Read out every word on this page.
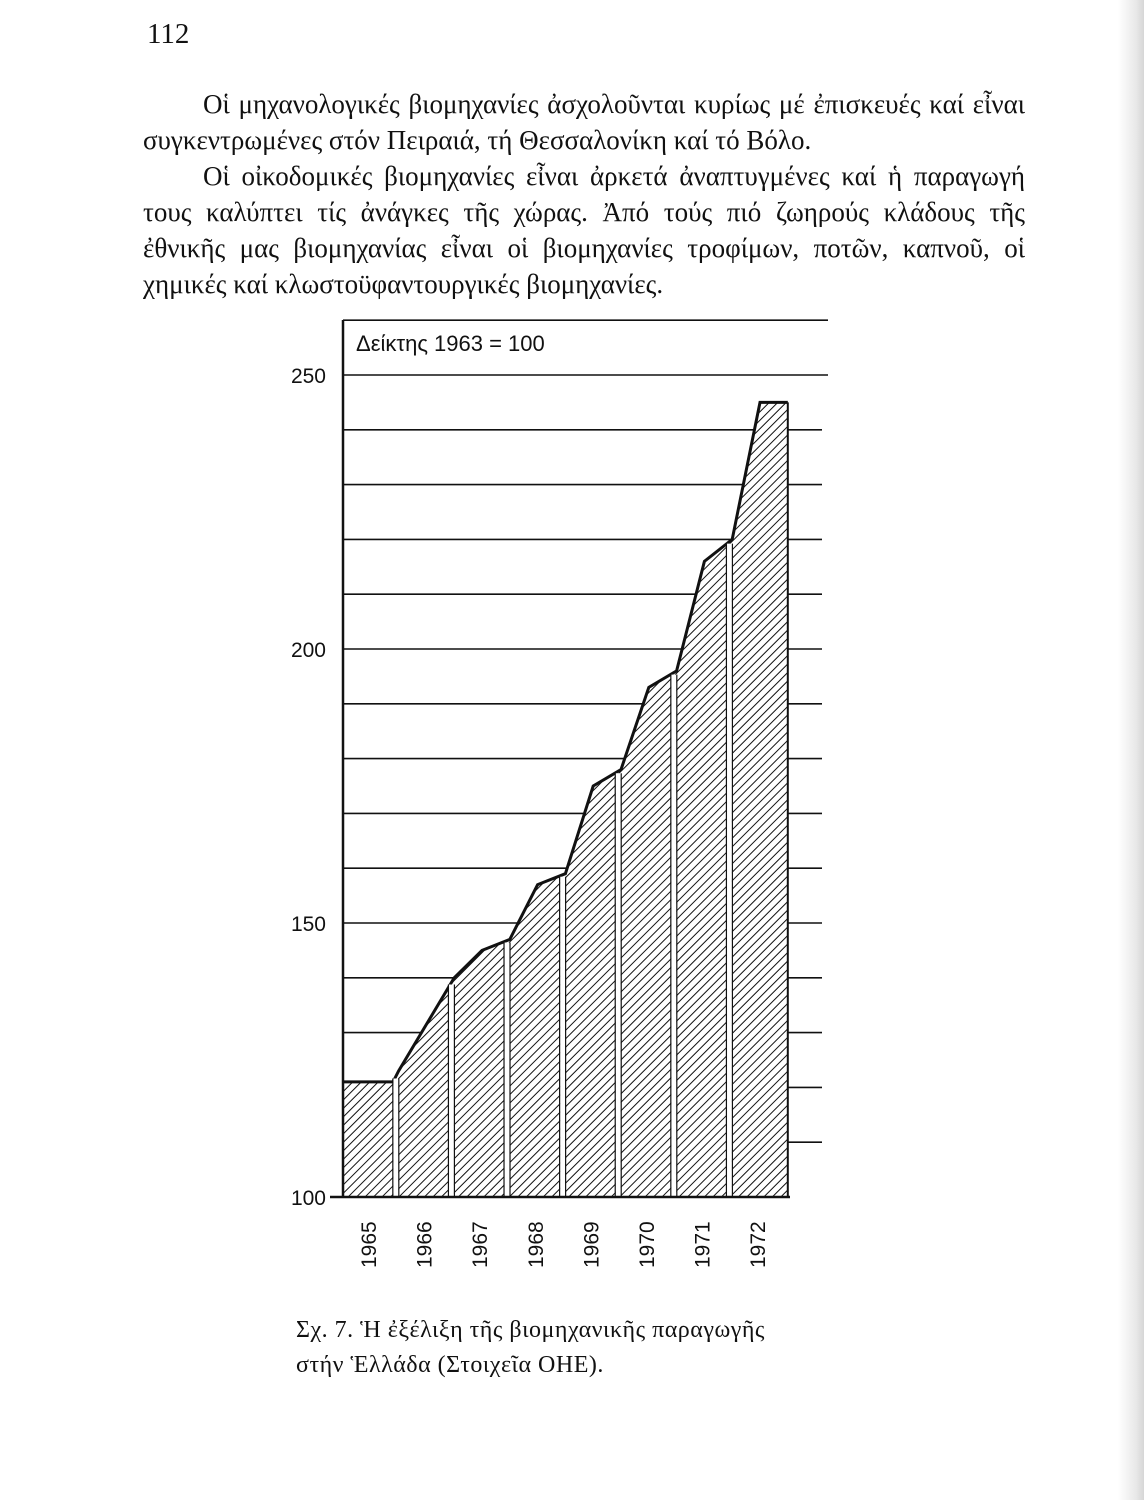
112

Οἱ μηχανολογικές βιομηχανίες ἀσχολοῦνται κυρίως μέ ἐπισκευές καί εἶναι συγκεντρωμένες στόν Πειραιά, τή Θεσσαλονίκη καί τό Βόλο.

Οἱ οἰκοδομικές βιομηχανίες εἶναι ἀρκετά ἀναπτυγμένες καί ἡ παραγωγή τους καλύπτει τίς ἀνάγκες τῆς χώρας. Ἀπό τούς πιό ζωηρούς κλάδους τῆς ἐθνικῆς μας βιομηχανίας εἶναι οἱ βιομηχανίες τροφίμων, ποτῶν, καπνοῦ, οἱ χημικές καί κλωστοϋφαντουργικές βιομηχανίες.

100
150
200
250
Δείκτης 1963 = 100
1965 1966 1967 1968 1969 1970 1971 1972
Σχ. 7. Ἡ ἐξέλιξη τῆς βιομηχανικῆς παραγωγῆς
στήν Ἑλλάδα (Στοιχεῖα ΟΗΕ).
